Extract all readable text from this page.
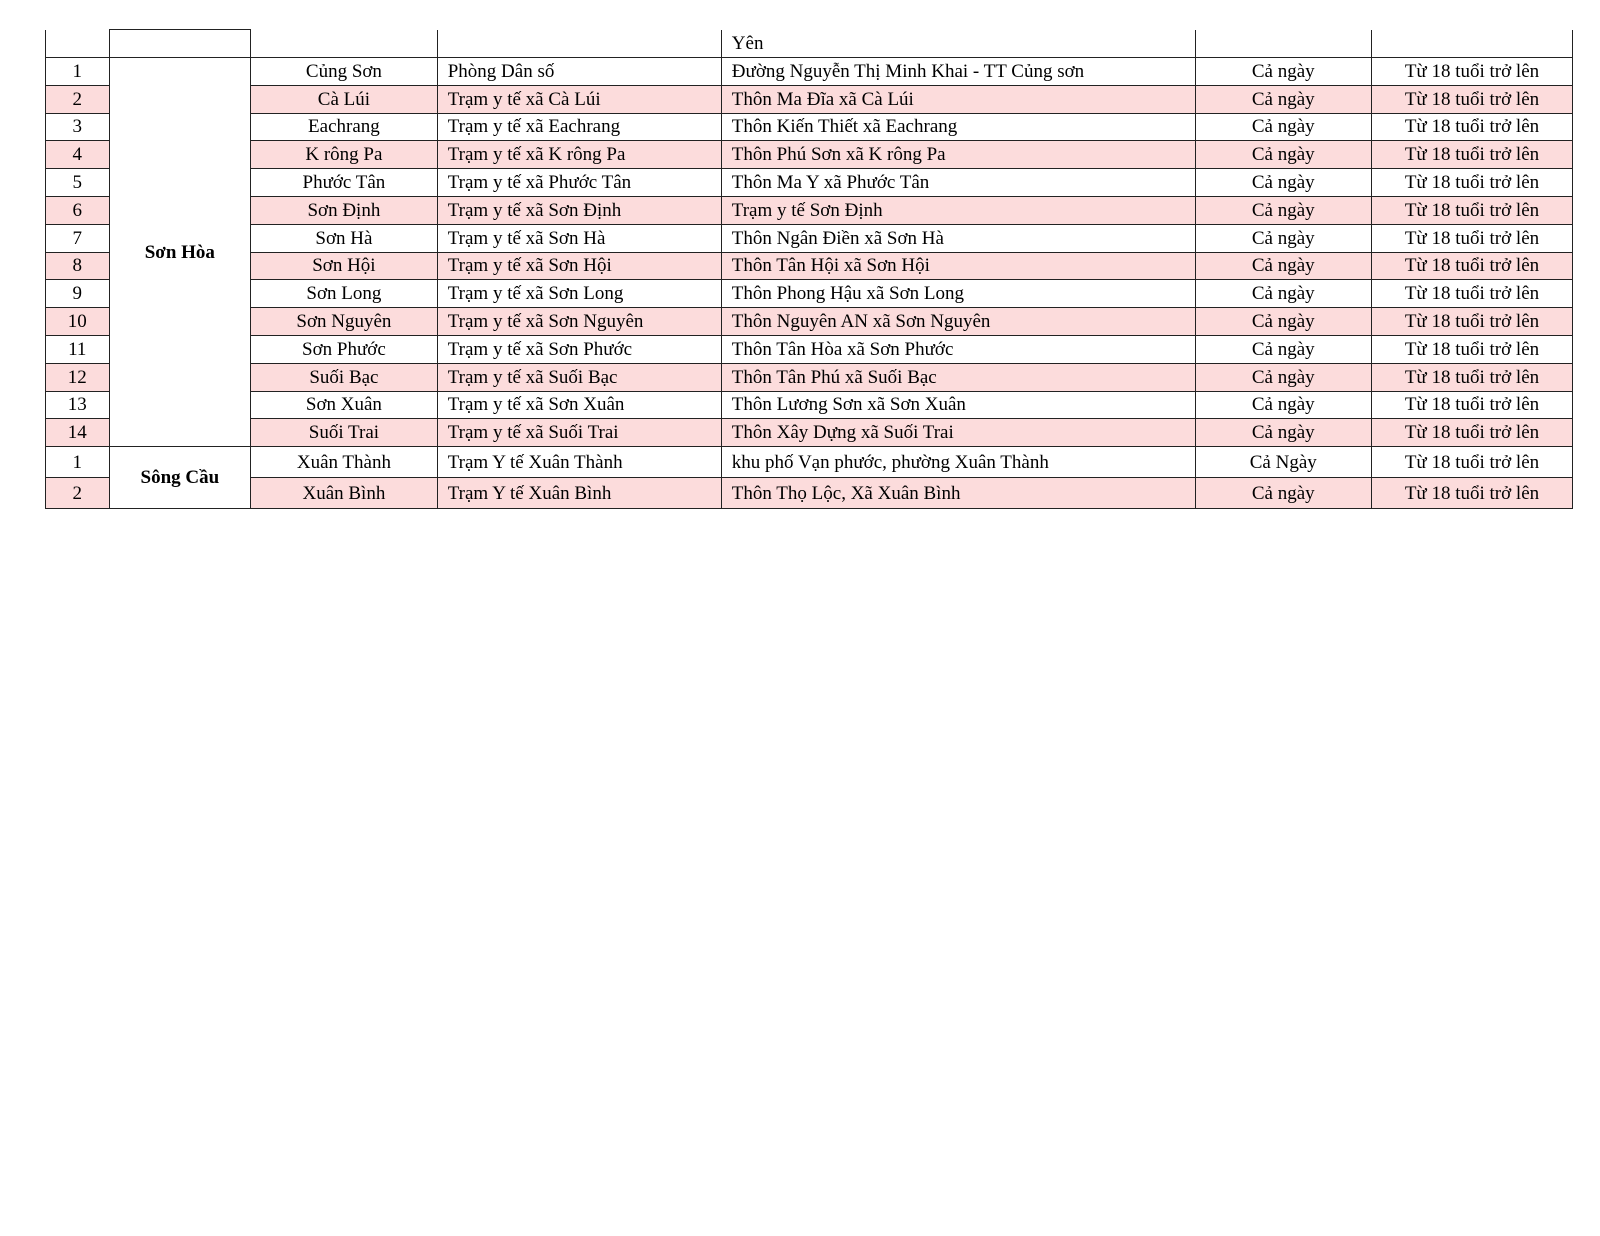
				Yên		
1	Sơn Hòa	Củng Sơn	Phòng Dân số	Đường Nguyễn Thị Minh Khai - TT Củng sơn	Cả ngày	Từ 18 tuổi trở lên
2		Cà Lúi	Trạm y tế xã Cà Lúi	Thôn Ma Đĩa xã Cà Lúi	Cả ngày	Từ 18 tuổi trở lên
3		Eachrang	Trạm y tế xã Eachrang	Thôn Kiến Thiết xã Eachrang	Cả ngày	Từ 18 tuổi trở lên
4		K rông Pa	Trạm y tế xã K rông Pa	Thôn Phú Sơn xã K rông Pa	Cả ngày	Từ 18 tuổi trở lên
5		Phước Tân	Trạm y tế xã Phước Tân	Thôn Ma Y xã Phước Tân	Cả ngày	Từ 18 tuổi trở lên
6		Sơn Định	Trạm y tế xã Sơn Định	Trạm y tế Sơn Định	Cả ngày	Từ 18 tuổi trở lên
7		Sơn Hà	Trạm y tế xã Sơn Hà	Thôn Ngân Điền xã Sơn Hà	Cả ngày	Từ 18 tuổi trở lên
8		Sơn Hội	Trạm y tế xã Sơn Hội	Thôn Tân Hội xã Sơn Hội	Cả ngày	Từ 18 tuổi trở lên
9		Sơn Long	Trạm y tế xã Sơn Long	Thôn Phong Hậu xã Sơn Long	Cả ngày	Từ 18 tuổi trở lên
10		Sơn Nguyên	Trạm y tế xã Sơn Nguyên	Thôn Nguyên AN xã Sơn Nguyên	Cả ngày	Từ 18 tuổi trở lên
11		Sơn Phước	Trạm y tế xã Sơn Phước	Thôn Tân Hòa xã Sơn Phước	Cả ngày	Từ 18 tuổi trở lên
12		Suối Bạc	Trạm y tế xã Suối Bạc	Thôn Tân Phú xã Suối Bạc	Cả ngày	Từ 18 tuổi trở lên
13		Sơn Xuân	Trạm y tế xã Sơn Xuân	Thôn Lương Sơn xã Sơn Xuân	Cả ngày	Từ 18 tuổi trở lên
14		Suối Trai	Trạm y tế xã Suối Trai	Thôn Xây Dựng xã Suối Trai	Cả ngày	Từ 18 tuổi trở lên
1	Sông Cầu	Xuân Thành	Trạm Y tế Xuân Thành	khu phố Vạn phước, phường Xuân Thành	Cả Ngày	Từ 18 tuổi trở lên
2		Xuân Bình	Trạm Y tế Xuân Bình	Thôn Thọ Lộc, Xã Xuân Bình	Cả ngày	Từ 18 tuổi trở lên
